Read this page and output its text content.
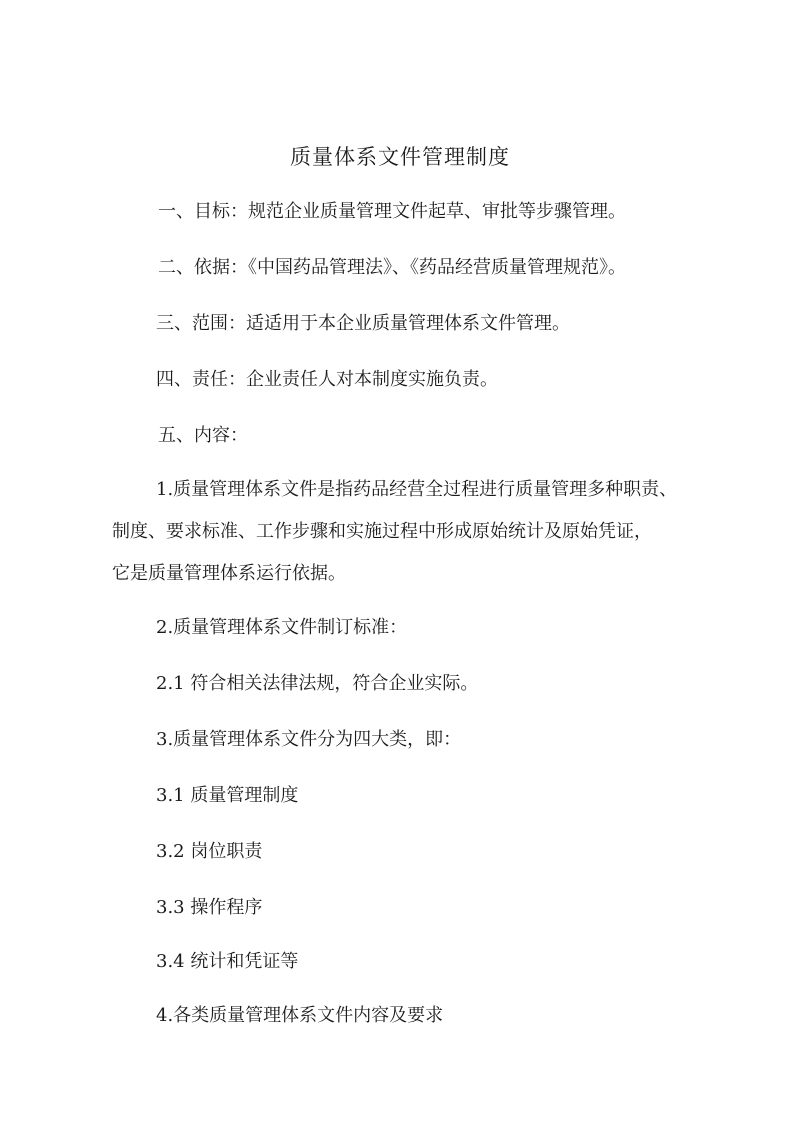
质量体系文件管理制度
一、目标：规范企业质量管理文件起草、审批等步骤管理。
二、依据：《中国药品管理法》、《药品经营质量管理规范》。
三、范围：适适用于本企业质量管理体系文件管理。
四、责任：企业责任人对本制度实施负责。
五、内容：
1.质量管理体系文件是指药品经营全过程进行质量管理多种职责、
制度、要求标准、工作步骤和实施过程中形成原始统计及原始凭证，
它是质量管理体系运行依据。
2.质量管理体系文件制订标准：
2.1 符合相关法律法规，符合企业实际。
3.质量管理体系文件分为四大类，即：
3.1 质量管理制度
3.2 岗位职责
3.3 操作程序
3.4 统计和凭证等
4.各类质量管理体系文件内容及要求
